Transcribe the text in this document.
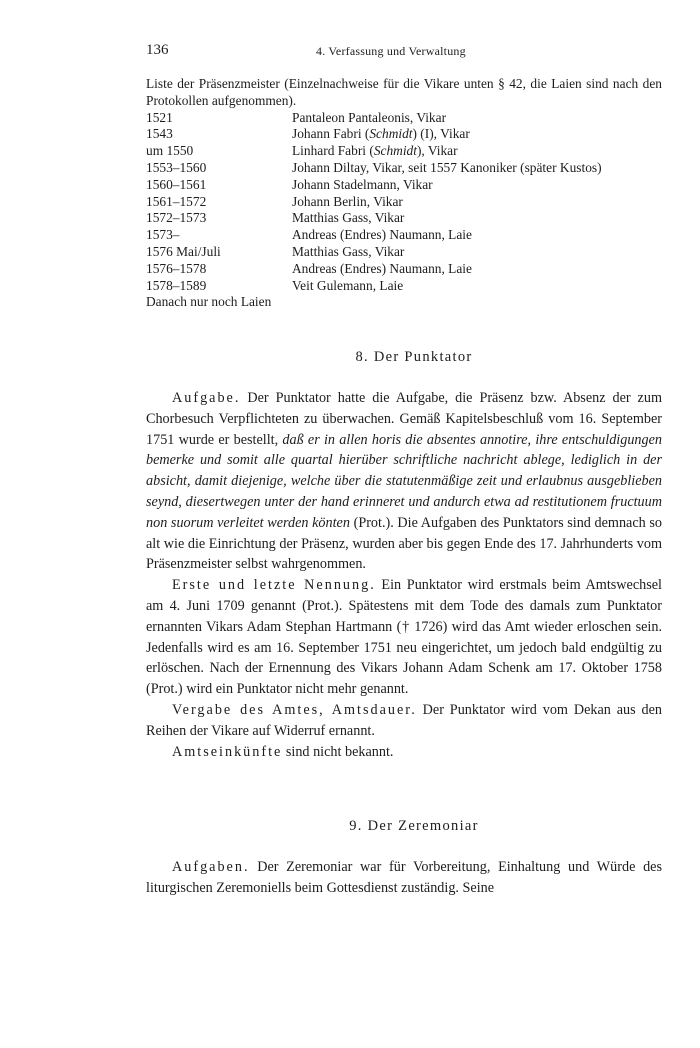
136	4. Verfassung und Verwaltung

Liste der Präsenzmeister (Einzelnachweise für die Vikare unten § 42, die Laien sind nach den Protokollen aufgenommen).

1521	Pantaleon Pantaleonis, Vikar
1543	Johann Fabri (Schmidt) (I), Vikar
um 1550	Linhard Fabri (Schmidt), Vikar
1553–1560	Johann Diltay, Vikar, seit 1557 Kanoniker (später Kustos)
1560–1561	Johann Stadelmann, Vikar
1561–1572	Johann Berlin, Vikar
1572–1573	Matthias Gass, Vikar
1573–	Andreas (Endres) Naumann, Laie
1576 Mai/Juli	Matthias Gass, Vikar
1576–1578	Andreas (Endres) Naumann, Laie
1578–1589	Veit Gulemann, Laie

Danach nur noch Laien

8. Der Punktator

Aufgabe. Der Punktator hatte die Aufgabe, die Präsenz bzw. Absenz der zum Chorbesuch Verpflichteten zu überwachen. Gemäß Kapitelsbeschluß vom 16. September 1751 wurde er bestellt, daß er in allen horis die absentes annotire, ihre entschuldigungen bemerke und somit alle quartal hierüber schriftliche nachricht ablege, lediglich in der absicht, damit diejenige, welche über die statutenmäßige zeit und erlaubnus ausgeblieben seynd, diesertwegen unter der hand erinneret und andurch etwa ad restitutionem fructuum non suorum verleitet werden könten (Prot.). Die Aufgaben des Punktators sind demnach so alt wie die Einrichtung der Präsenz, wurden aber bis gegen Ende des 17. Jahrhunderts vom Präsenzmeister selbst wahrgenommen.

Erste und letzte Nennung. Ein Punktator wird erstmals beim Amtswechsel am 4. Juni 1709 genannt (Prot.). Spätestens mit dem Tode des damals zum Punktator ernannten Vikars Adam Stephan Hartmann († 1726) wird das Amt wieder erloschen sein. Jedenfalls wird es am 16. September 1751 neu eingerichtet, um jedoch bald endgültig zu erlöschen. Nach der Ernennung des Vikars Johann Adam Schenk am 17. Oktober 1758 (Prot.) wird ein Punktator nicht mehr genannt.

Vergabe des Amtes, Amtsdauer. Der Punktator wird vom Dekan aus den Reihen der Vikare auf Widerruf ernannt.

Amtseinkünfte sind nicht bekannt.

9. Der Zeremoniar

Aufgaben. Der Zeremoniar war für Vorbereitung, Einhaltung und Würde des liturgischen Zeremoniells beim Gottesdienst zuständig. Seine
